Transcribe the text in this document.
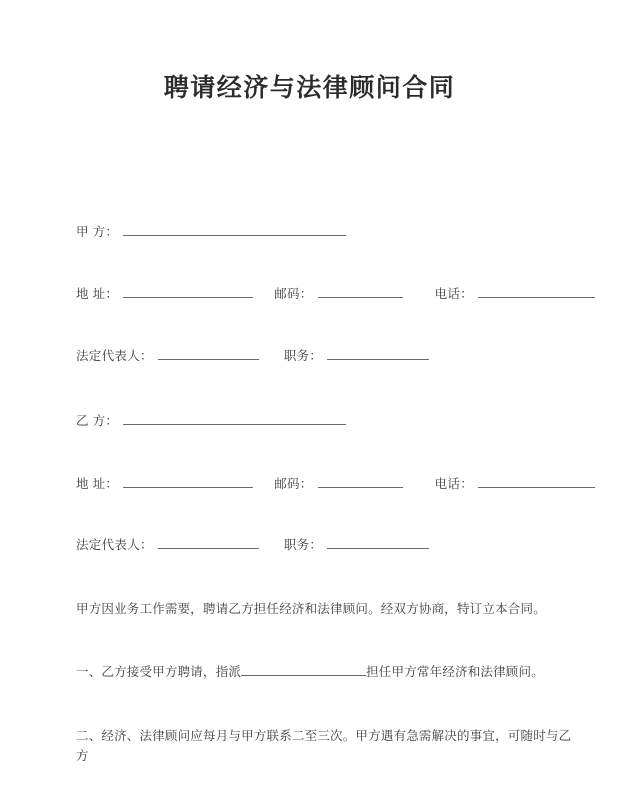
聘请经济与法律顾问合同
甲 方：
地 址：	邮码：	电话：
法定代表人：	职务：
乙 方：
地 址：	邮码：	电话：
法定代表人：	职务：
甲方因业务工作需要，聘请乙方担任经济和法律顾问。经双方协商，特订立本合同。
一、乙方接受甲方聘请，指派	担任甲方常年经济和法律顾问。
二、经济、法律顾问应每月与甲方联系二至三次。甲方遇有急需解决的事宜，可随时与乙方
